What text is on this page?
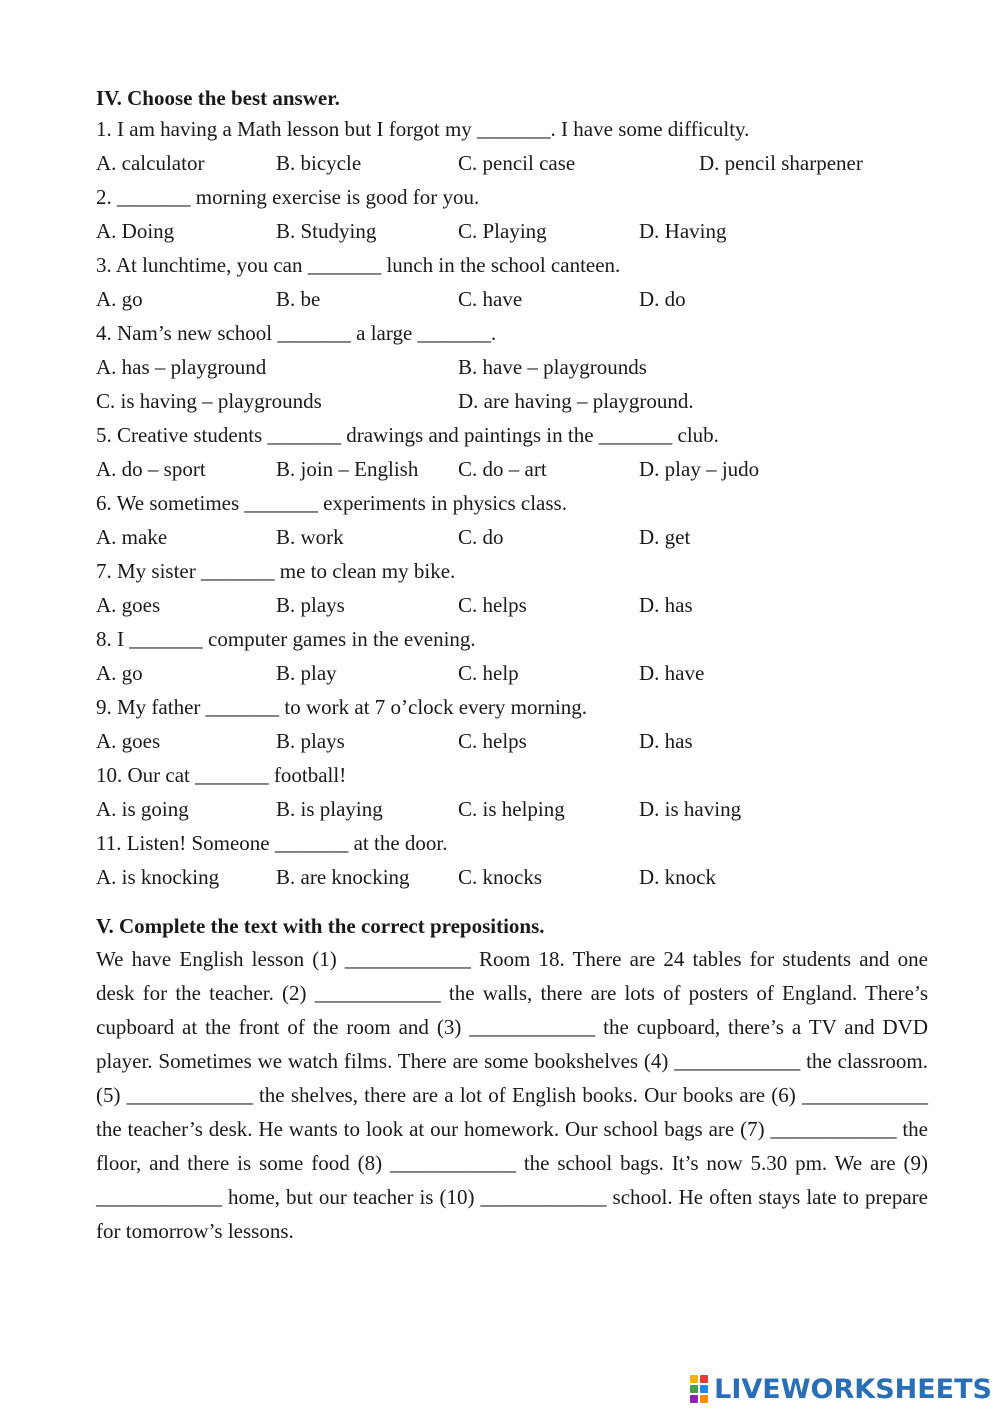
IV. Choose the best answer.
1. I am having a Math lesson but I forgot my _______. I have some difficulty.
A. calculator	B. bicycle	C. pencil case	D. pencil sharpener
2. _______ morning exercise is good for you.
A. Doing	B. Studying	C. Playing	D. Having
3. At lunchtime, you can _______ lunch in the school canteen.
A. go	B. be	C. have	D. do
4. Nam’s new school _______ a large _______.
A. has – playground	B. have – playgrounds
C. is having – playgrounds	D. are having – playground.
5. Creative students _______ drawings and paintings in the _______ club.
A. do – sport	B. join – English C. do – art	D. play – judo
6. We sometimes _______ experiments in physics class.
A. make	B. work	C. do	D. get
7. My sister _______ me to clean my bike.
A. goes	B. plays	C. helps	D. has
8. I _______ computer games in the evening.
A. go	B. play	C. help	D. have
9. My father _______ to work at 7 o’clock every morning.
A. goes	B. plays	C. helps	D. has
10. Our cat _______ football!
A. is going	B. is playing	C. is helping	D. is having
11. Listen! Someone _______ at the door.
A. is knocking	B. are knocking C. knocks	D. knock
V. Complete the text with the correct prepositions.
We have English lesson (1) ____________ Room 18. There are 24 tables for students and one desk for the teacher. (2) ____________ the walls, there are lots of posters of England. There’s cupboard at the front of the room and (3) ____________ the cupboard, there’s a TV and DVD player. Sometimes we watch films. There are some bookshelves (4) ____________ the classroom. (5) ____________ the shelves, there are a lot of English books. Our books are (6) ____________ the teacher’s desk. He wants to look at our homework. Our school bags are (7) ____________ the floor, and there is some food (8) ____________ the school bags. It’s now 5.30 pm. We are (9) ____________ home, but our teacher is (10) ____________ school. He often stays late to prepare for tomorrow’s lessons.
LIVEWORKSHEETS
